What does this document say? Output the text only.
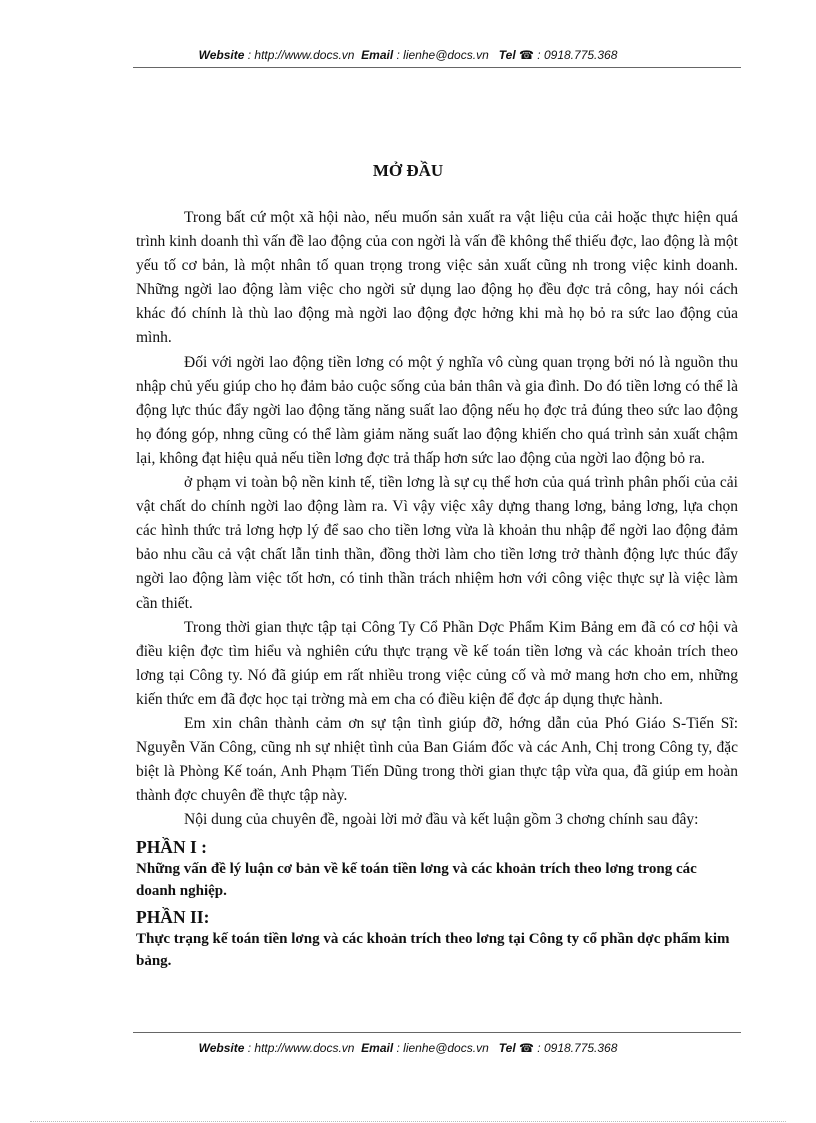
Website : http://www.docs.vn Email : lienhe@docs.vn Tel ☎ : 0918.775.368
MỞ ĐẦU

Trong bất cứ một xã hội nào, nếu muốn sản xuất ra vật liệu của cải hoặc thực hiện quá trình kinh doanh thì vấn đề lao động của con ngời là vấn đề không thể thiếu đợc, lao động là một yếu tố cơ bản, là một nhân tố quan trọng trong việc sản xuất cũng nh trong việc kinh doanh. Những ngời lao động làm việc cho ngời sử dụng lao động họ đều đợc trả công, hay nói cách khác đó chính là thù lao động mà ngời lao động đợc hởng khi mà họ bỏ ra sức lao động của mình.

Đối với ngời lao động tiền lơng có một ý nghĩa vô cùng quan trọng bởi nó là nguồn thu nhập chủ yếu giúp cho họ đảm bảo cuộc sống của bản thân và gia đình. Do đó tiền lơng có thể là động lực thúc đẩy ngời lao động tăng năng suất lao động nếu họ đợc trả đúng theo sức lao động họ đóng góp, nhng cũng có thể làm giảm năng suất lao động khiến cho quá trình sản xuất chậm lại, không đạt hiệu quả nếu tiền lơng đợc trả thấp hơn sức lao động của ngời lao động bỏ ra.

ở phạm vi toàn bộ nền kinh tế, tiền lơng là sự cụ thể hơn của quá trình phân phối của cải vật chất do chính ngời lao động làm ra. Vì vậy việc xây dựng thang lơng, bảng lơng, lựa chọn các hình thức trả lơng hợp lý để sao cho tiền lơng vừa là khoản thu nhập để ngời lao động đảm bảo nhu cầu cả vật chất lẫn tinh thần, đồng thời làm cho tiền lơng trở thành động lực thúc đẩy ngời lao động làm việc tốt hơn, có tinh thần trách nhiệm hơn với công việc thực sự là việc làm cần thiết.

Trong thời gian thực tập tại Công Ty Cổ Phần Dợc Phẩm Kim Bảng em đã có cơ hội và điều kiện đợc tìm hiểu và nghiên cứu thực trạng về kế toán tiền lơng và các khoản trích theo lơng tại Công ty. Nó đã giúp em rất nhiều trong việc củng cố và mở mang hơn cho em, những kiến thức em đã đợc học tại trờng mà em cha có điều kiện để đợc áp dụng thực hành.

Em xin chân thành cảm ơn sự tận tình giúp đỡ, hớng dẫn của Phó Giáo S-Tiến Sĩ: Nguyễn Văn Công, cũng nh sự nhiệt tình của Ban Giám đốc và các Anh, Chị trong Công ty, đặc biệt là Phòng Kế toán, Anh Phạm Tiến Dũng trong thời gian thực tập vừa qua, đã giúp em hoàn thành đợc chuyên đề thực tập này.

Nội dung của chuyên đề, ngoài lời mở đầu và kết luận gồm 3 chơng chính sau đây:

PHẦN I :
Những vấn đề lý luận cơ bản về kế toán tiền lơng và các khoản trích theo lơng trong các doanh nghiệp.
PHẦN II:
Thực trạng kế toán tiền lơng và các khoản trích theo lơng tại Công ty cổ phần dợc phẩm kim bảng.
Website : http://www.docs.vn Email : lienhe@docs.vn Tel ☎ : 0918.775.368
